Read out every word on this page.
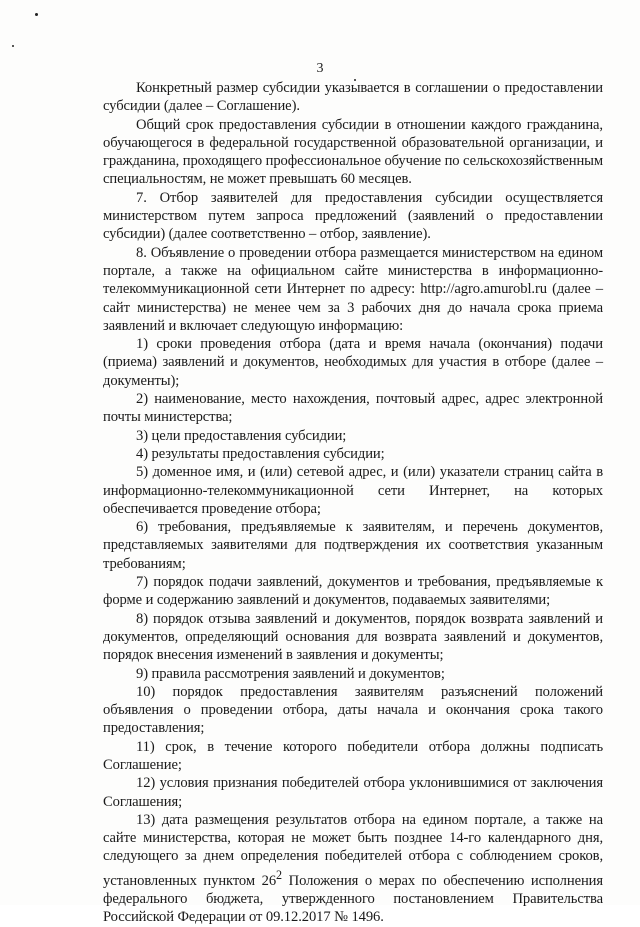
3

Конкретный размер субсидии указывается в соглашении о предоставлении субсидии (далее – Соглашение).

Общий срок предоставления субсидии в отношении каждого гражданина, обучающегося в федеральной государственной образовательной организации, и гражданина, проходящего профессиональное обучение по сельскохозяйственным специальностям, не может превышать 60 месяцев.

7. Отбор заявителей для предоставления субсидии осуществляется министерством путем запроса предложений (заявлений о предоставлении субсидии) (далее соответственно – отбор, заявление).

8. Объявление о проведении отбора размещается министерством на едином портале, а также на официальном сайте министерства в информационно-телекоммуникационной сети Интернет по адресу: http://agro.amurobl.ru (далее – сайт министерства) не менее чем за 3 рабочих дня до начала срока приема заявлений и включает следующую информацию:

1) сроки проведения отбора (дата и время начала (окончания) подачи (приема) заявлений и документов, необходимых для участия в отборе (далее – документы);

2) наименование, место нахождения, почтовый адрес, адрес электронной почты министерства;

3) цели предоставления субсидии;

4) результаты предоставления субсидии;

5) доменное имя, и (или) сетевой адрес, и (или) указатели страниц сайта в информационно-телекоммуникационной сети Интернет, на которых обеспечивается проведение отбора;

6) требования, предъявляемые к заявителям, и перечень документов, представляемых заявителями для подтверждения их соответствия указанным требованиям;

7) порядок подачи заявлений, документов и требования, предъявляемые к форме и содержанию заявлений и документов, подаваемых заявителями;

8) порядок отзыва заявлений и документов, порядок возврата заявлений и документов, определяющий основания для возврата заявлений и документов, порядок внесения изменений в заявления и документы;

9) правила рассмотрения заявлений и документов;

10) порядок предоставления заявителям разъяснений положений объявления о проведении отбора, даты начала и окончания срока такого предоставления;

11) срок, в течение которого победители отбора должны подписать Соглашение;

12) условия признания победителей отбора уклонившимися от заключения Соглашения;

13) дата размещения результатов отбора на едином портале, а также на сайте министерства, которая не может быть позднее 14-го календарного дня, следующего за днем определения победителей отбора с соблюдением сроков, установленных пунктом $26^2$ Положения о мерах по обеспечению исполнения федерального бюджета, утвержденного постановлением Правительства Российской Федерации от 09.12.2017 № 1496.
